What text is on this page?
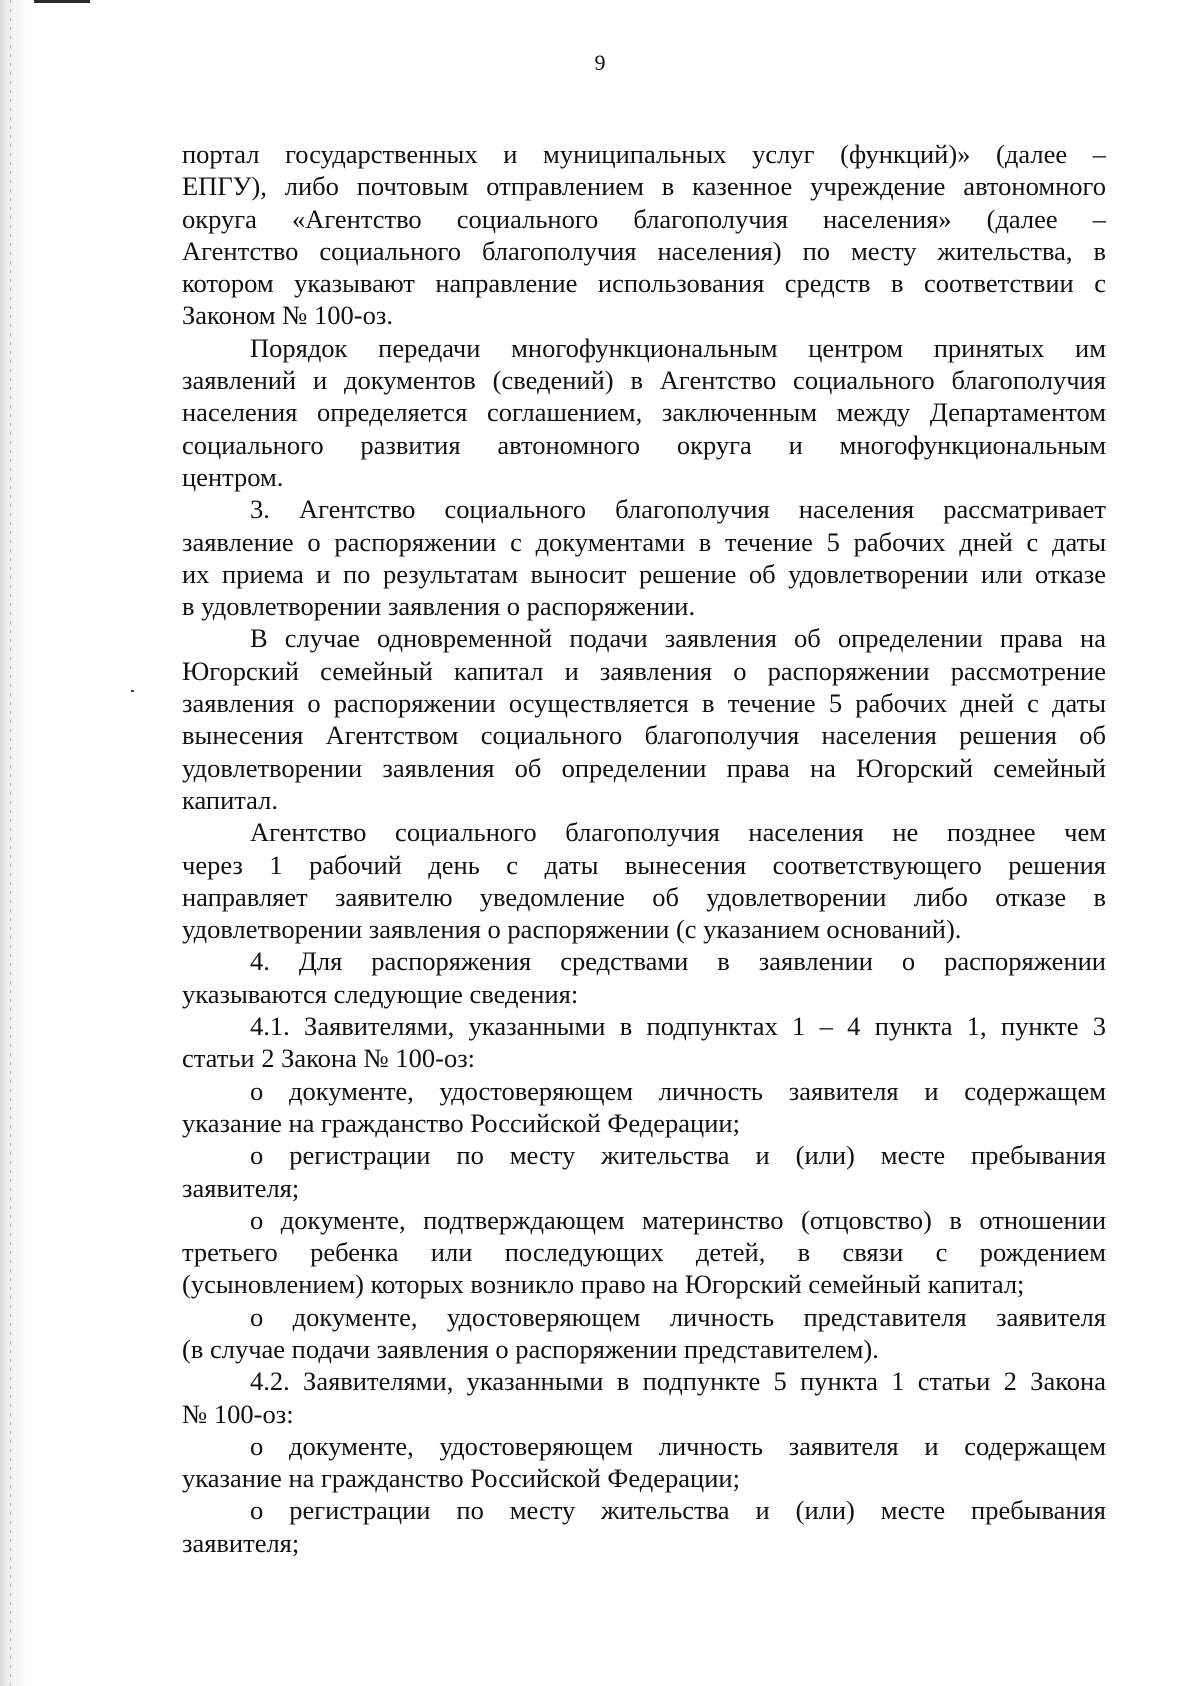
9
портал государственных и муниципальных услуг (функций)» (далее –
ЕПГУ), либо почтовым отправлением в казенное учреждение автономного
округа «Агентство социального благополучия населения» (далее –
Агентство социального благополучия населения) по месту жительства, в
котором указывают направление использования средств в соответствии с
Законом № 100-оз.
Порядок передачи многофункциональным центром принятых им
заявлений и документов (сведений) в Агентство социального благополучия
населения определяется соглашением, заключенным между Департаментом
социального развития автономного округа и многофункциональным
центром.
3. Агентство социального благополучия населения рассматривает
заявление о распоряжении с документами в течение 5 рабочих дней с даты
их приема и по результатам выносит решение об удовлетворении или отказе
в удовлетворении заявления о распоряжении.
В случае одновременной подачи заявления об определении права на
Югорский семейный капитал и заявления о распоряжении рассмотрение
заявления о распоряжении осуществляется в течение 5 рабочих дней с даты
вынесения Агентством социального благополучия населения решения об
удовлетворении заявления об определении права на Югорский семейный
капитал.
Агентство социального благополучия населения не позднее чем
через 1 рабочий день с даты вынесения соответствующего решения
направляет заявителю уведомление об удовлетворении либо отказе в
удовлетворении заявления о распоряжении (с указанием оснований).
4. Для распоряжения средствами в заявлении о распоряжении
указываются следующие сведения:
4.1. Заявителями, указанными в подпунктах 1 – 4 пункта 1, пункте 3
статьи 2 Закона № 100-оз:
о документе, удостоверяющем личность заявителя и содержащем
указание на гражданство Российской Федерации;
о регистрации по месту жительства и (или) месте пребывания
заявителя;
о документе, подтверждающем материнство (отцовство) в отношении
третьего ребенка или последующих детей, в связи с рождением
(усыновлением) которых возникло право на Югорский семейный капитал;
о документе, удостоверяющем личность представителя заявителя
(в случае подачи заявления о распоряжении представителем).
4.2. Заявителями, указанными в подпункте 5 пункта 1 статьи 2 Закона
№ 100-оз:
о документе, удостоверяющем личность заявителя и содержащем
указание на гражданство Российской Федерации;
о регистрации по месту жительства и (или) месте пребывания
заявителя;
